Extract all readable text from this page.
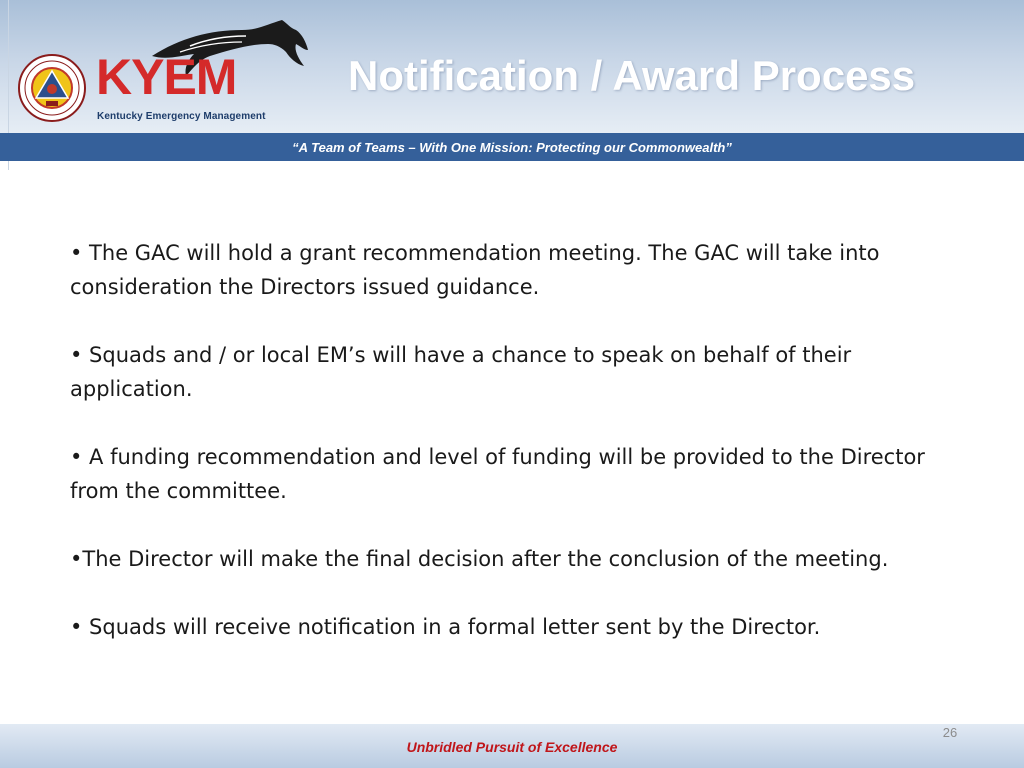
KYEM
Kentucky Emergency Management
Notification / Award Process
“A Team of Teams – With One Mission: Protecting our Commonwealth”

• The GAC will hold a grant recommendation meeting. The GAC will take into consideration the Directors issued guidance.

• Squads and / or local EM’s will have a chance to speak on behalf of their application.

• A funding recommendation and level of funding will be provided to the Director from the committee.

•The Director will make the final decision after the conclusion of the meeting.

• Squads will receive notification in a formal letter sent by the Director.

Unbridled Pursuit of Excellence
26
